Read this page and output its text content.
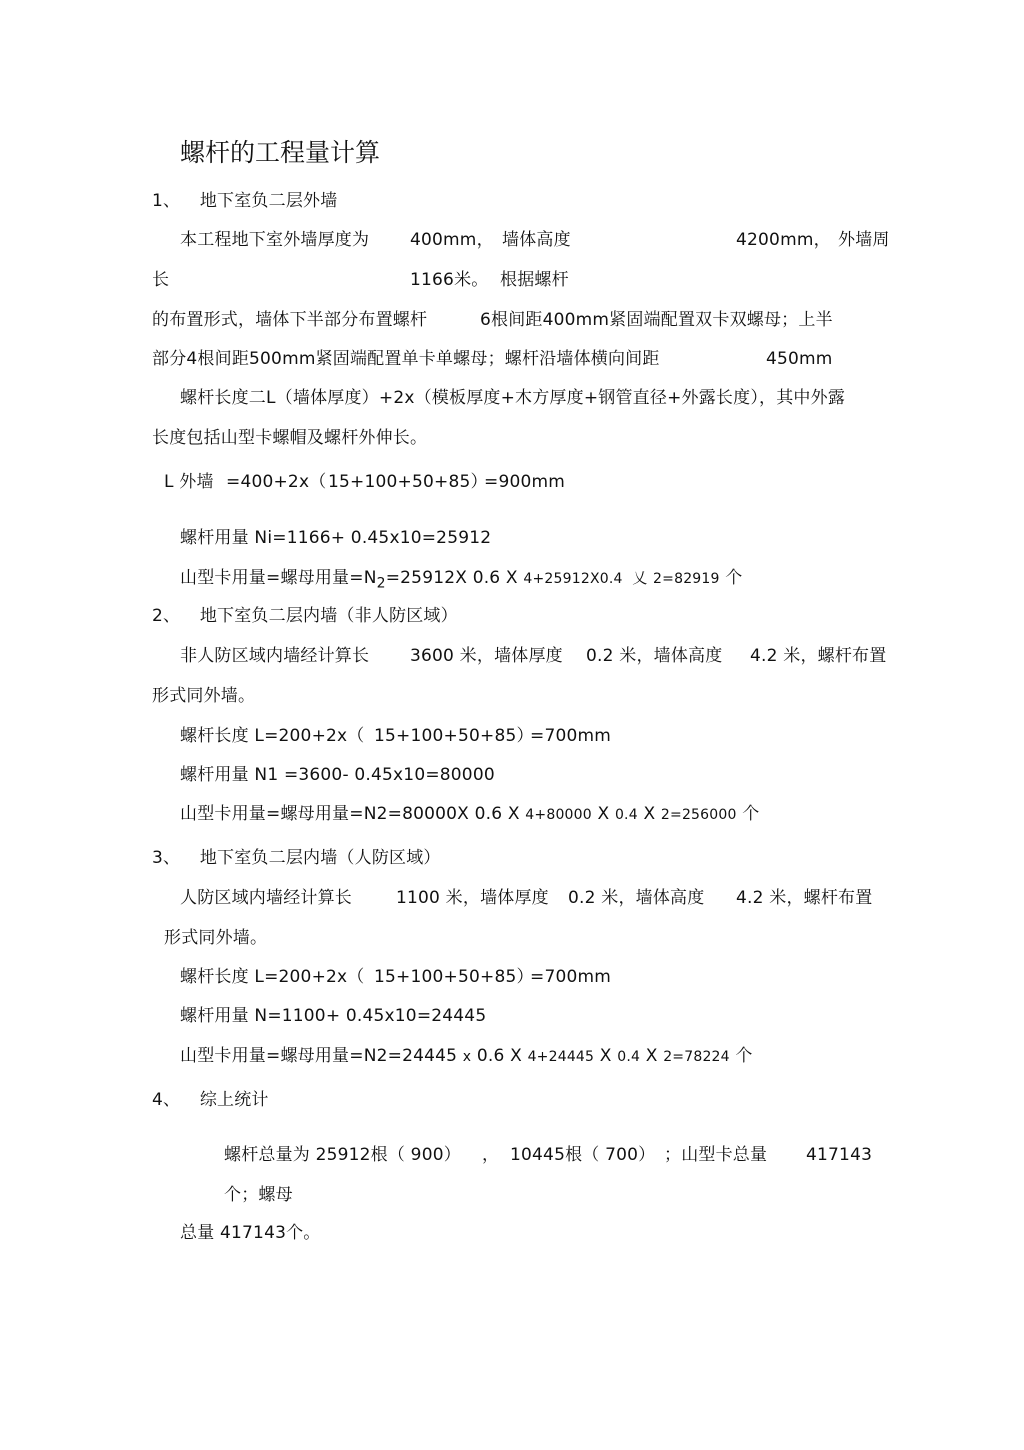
螺杆的工程量计算
1、 地下室负二层外墙
本工程地下室外墙厚度为 400mm， 墙体高度	4200mm， 外墙周
长	1166米。 根据螺杆
的布置形式，墙体下半部分布置螺杆	6根间距400mm紧固端配置双卡双螺母；上半
部分4根间距500mm紧固端配置单卡单螺母；螺杆沿墙体横向间距	450mm
螺杆长度二L（墙体厚度）+2x（模板厚度+木方厚度+钢管直径+外露长度），其中外露
长度包括山型卡螺帽及螺杆外伸长。
L 外墙 =400+2x（ 15+100+50+85）
=900mm
螺杆用量 Ni=1166+ 0.45x10=25912
山型卡用量=螺母用量$=N_2=25912X$ 0.6 X 4+25912X0.4 乂 2=82919 个
2、 地下室负二层内墙（非人防区域）
非人防区域内墙经计算长 3600 米，墙体厚度 0.2 米，墙体高度 4.2 米，螺杆布置
形式同外墙。
螺杆长度 L=200+2x（ 15+100+50+85）
=700mm
螺杆用量 N1 =3600- 0.45x10=80000
山型卡用量=螺母用量=N2=80000X 0.6 X 4+80000 X 0.4 X 2=256000 个
3、 地下室负二层内墙（人防区域）
人防区域内墙经计算长	1100 米，墙体厚度 0.2 米，墙体高度 4.2 米，螺杆布置
形式同外墙。
螺杆长度 L=200+2x（ 15+100+50+85）
=700mm
螺杆用量 N=1100+ 0.45x10=24445
山型卡用量=螺母用量=N2=24445 x 0.6 X 4+24445 X 0.4 X 2=78224 个
4、 综上统计
螺杆总量为 25912根（ 900） ， 10445根（ 700） ；山型卡总量 417143
个；螺母
总量 417143个。
